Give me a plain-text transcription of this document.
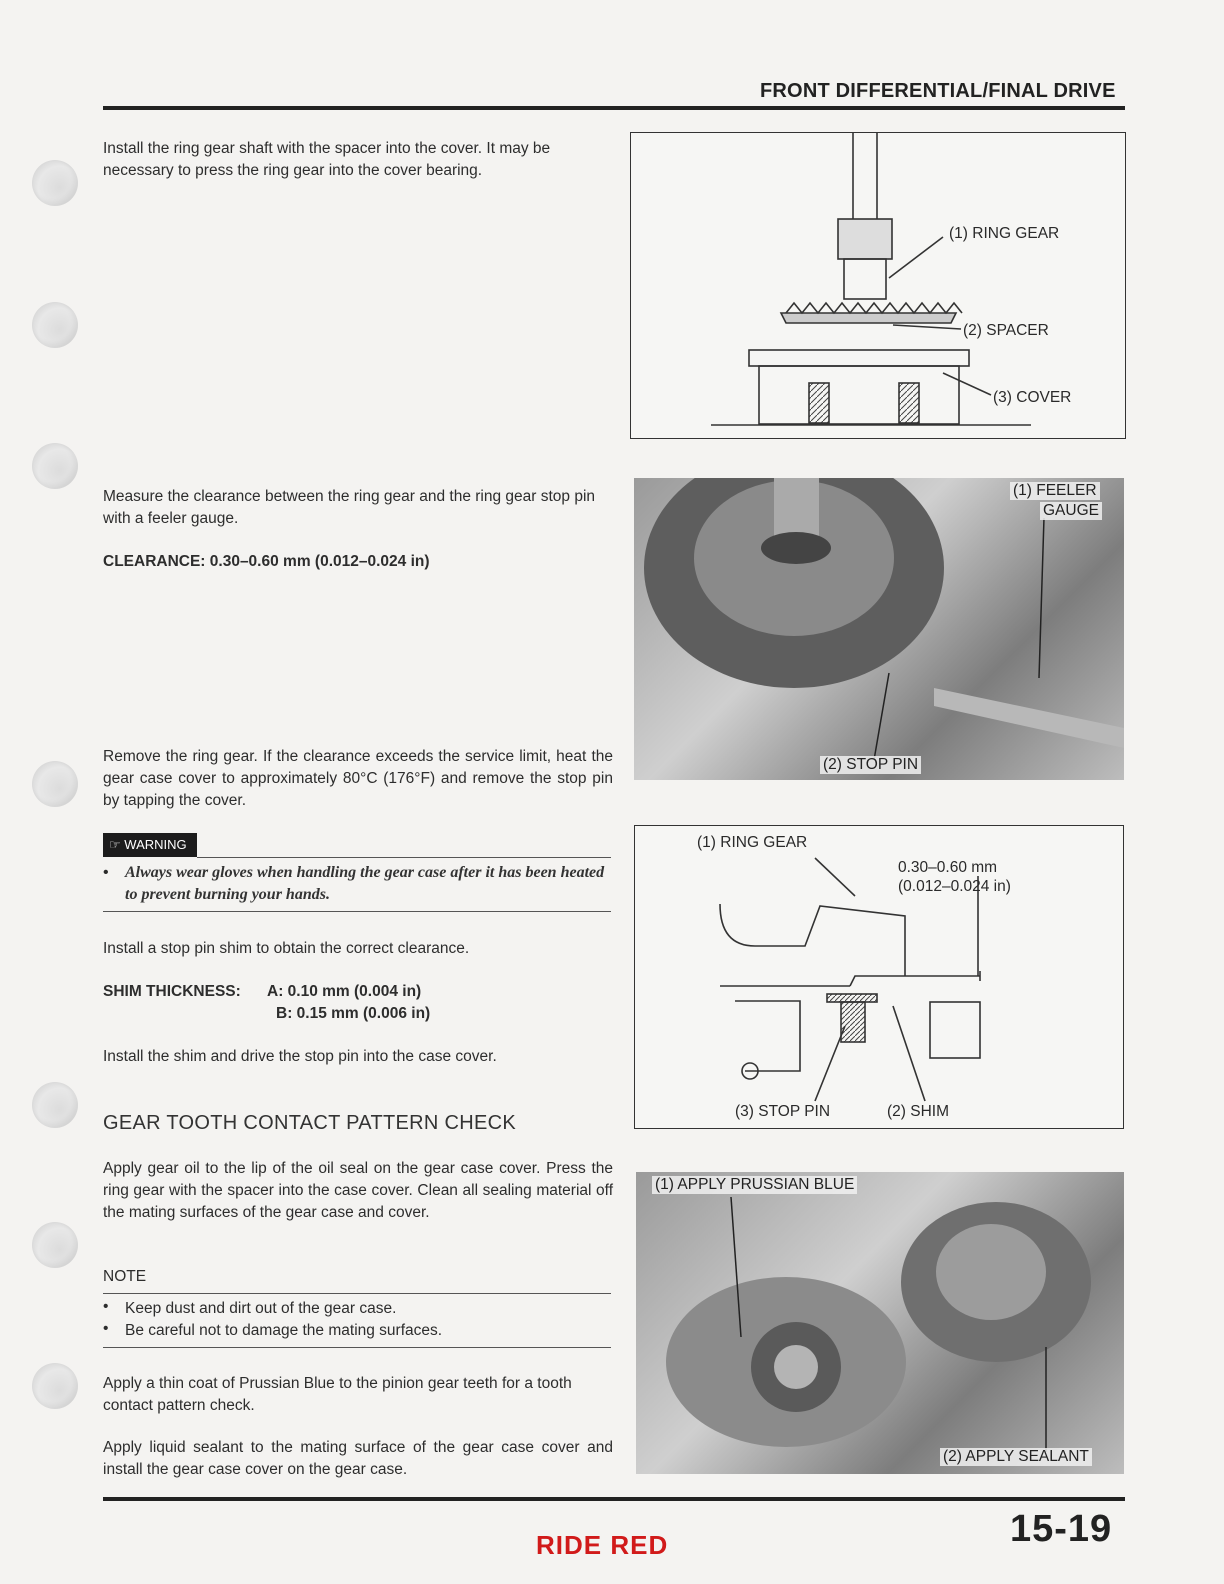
FRONT DIFFERENTIAL/FINAL DRIVE
Install the ring gear shaft with the spacer into the cover. It may be necessary to press the ring gear into the cover bearing.
Measure the clearance between the ring gear and the ring gear stop pin with a feeler gauge.
CLEARANCE: 0.30–0.60 mm (0.012–0.024 in)
Remove the ring gear. If the clearance exceeds the service limit, heat the gear case cover to approximately 80°C (176°F) and remove the stop pin by tapping the cover.
☞ WARNING
• Always wear gloves when handling the gear case after it has been heated to prevent burning your hands.
Install a stop pin shim to obtain the correct clearance.
SHIM THICKNESS: A: 0.10 mm (0.004 in)
B: 0.15 mm (0.006 in)
Install the shim and drive the stop pin into the case cover.
GEAR TOOTH CONTACT PATTERN CHECK
Apply gear oil to the lip of the oil seal on the gear case cover. Press the ring gear with the spacer into the case cover. Clean all sealing material off the mating surfaces of the gear case and cover.
NOTE
• Keep dust and dirt out of the gear case.
• Be careful not to damage the mating surfaces.
Apply a thin coat of Prussian Blue to the pinion gear teeth for a tooth contact pattern check.
Apply liquid sealant to the mating surface of the gear case cover and install the gear case cover on the gear case.
(1) RING GEAR
(2) SPACER
(3) COVER
(1) FEELER
GAUGE
(2) STOP PIN
(1) RING GEAR
0.30–0.60 mm
(0.012–0.024 in)
(3) STOP PIN	(2) SHIM
(1) APPLY PRUSSIAN BLUE
(2) APPLY SEALANT
RIDE RED	15-19
